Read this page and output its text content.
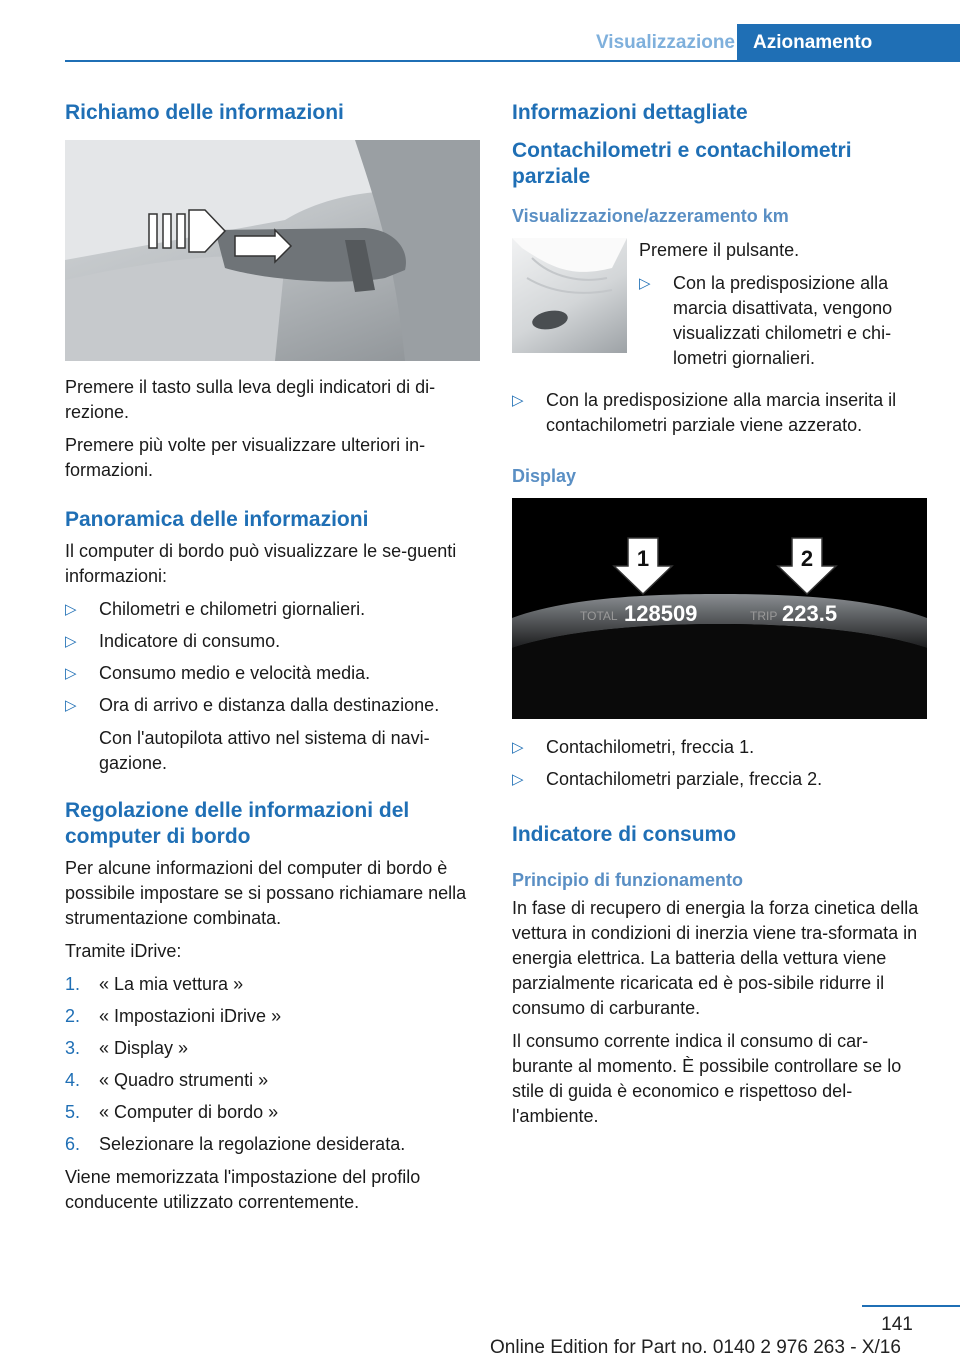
Visualizzazione Azionamento
Richiamo delle informazioni

Premere il tasto sulla leva degli indicatori di di-rezione.

Premere più volte per visualizzare ulteriori in-formazioni.

Panoramica delle informazioni

Il computer di bordo può visualizzare le se-guenti informazioni:

▷ Chilometri e chilometri giornalieri.
▷ Indicatore di consumo.
▷ Consumo medio e velocità media.
▷ Ora di arrivo e distanza dalla destinazione.
Con l'autopilota attivo nel sistema di navi-gazione.
Regolazione delle informazioni del computer di bordo

Per alcune informazioni del computer di bordo è possibile impostare se si possano richiamare nella strumentazione combinata.

Tramite iDrive:

1. « La mia vettura »
2. « Impostazioni iDrive »
3. « Display »
4. « Quadro strumenti »
5. « Computer di bordo »
6. Selezionare la regolazione desiderata.

Viene memorizzata l'impostazione del profilo conducente utilizzato correntemente.

Informazioni dettagliate
Contachilometri e contachilometri parziale
Visualizzazione/azzeramento km

Premere il pulsante.

▷ Con la predisposizione alla marcia disattivata, vengono visualizzati chilometri e chi-lometri giornalieri.
▷ Con la predisposizione alla marcia inserita il contachilometri parziale viene azzerato.
Display
1	2
TOTAL 128509	TRIP 223.5
▷ Contachilometri, freccia 1.
▷ Contachilometri parziale, freccia 2.
Indicatore di consumo
Principio di funzionamento

In fase di recupero di energia la forza cinetica della vettura in condizioni di inerzia viene tra-sformata in energia elettrica. La batteria della vettura viene parzialmente ricaricata ed è pos-sibile ridurre il consumo di carburante.

Il consumo corrente indica il consumo di car-burante al momento. È possibile controllare se lo stile di guida è economico e rispettoso del-l'ambiente.

141
Online Edition for Part no. 0140 2 976 263 - X/16
